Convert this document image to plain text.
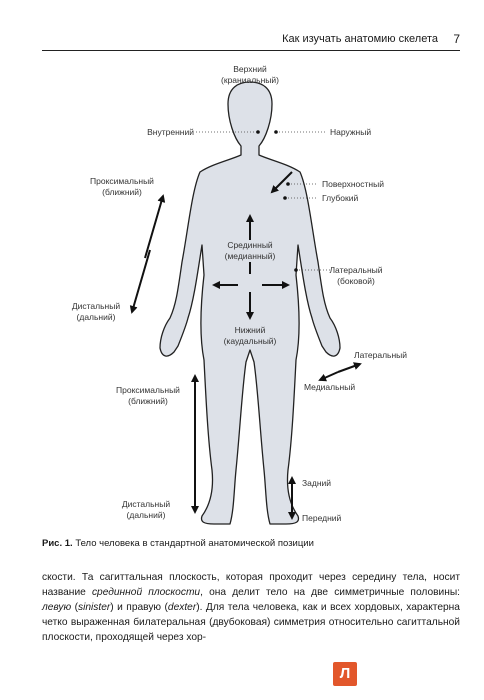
Как изучать анатомию скелета 7
Верхний
(краниальный)
Внутренний	Наружный
Поверхностный
Глубокий
Проксимальный
(ближний)
Срединный
(медианный)
Латеральный
(боковой)
Дистальный
(дальний)
Нижний
(каудальный)
Латеральный
Медиальный
Проксимальный
(ближний)
Задний
Дистальный
(дальний)	Передний
Рис. 1. Тело человека в стандартной анатомической позиции

скости. Та сагиттальная плоскость, которая проходит через середину тела, носит название срединной плоскости, она делит тело на две симметричные половины: левую (sinister) и правую (dexter). Для тела человека, как и всех хордовых, характерна четко выраженная билатеральная (двубоковая) симметрия относительно сагиттальной плоскости, проходящей через хор-

Л
